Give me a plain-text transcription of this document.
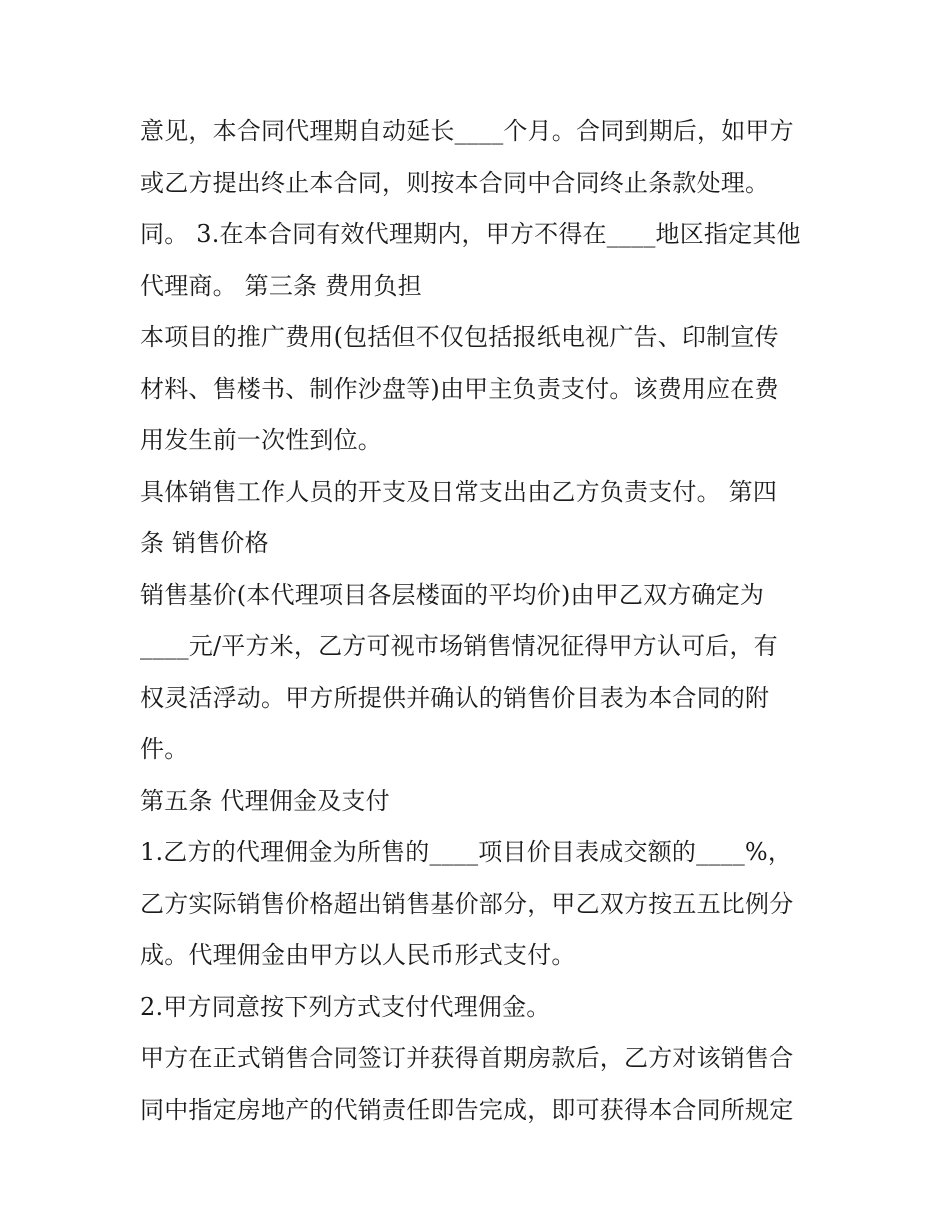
意见，本合同代理期自动延长____个月。合同到期后，如甲方
或乙方提出终止本合同，则按本合同中合同终止条款处理。
同。 3.在本合同有效代理期内，甲方不得在____地区指定其他
代理商。 第三条 费用负担
本项目的推广费用(包括但不仅包括报纸电视广告、印制宣传
材料、售楼书、制作沙盘等)由甲主负责支付。该费用应在费
用发生前一次性到位。
具体销售工作人员的开支及日常支出由乙方负责支付。 第四
条 销售价格
销售基价(本代理项目各层楼面的平均价)由甲乙双方确定为
____元/平方米，乙方可视市场销售情况征得甲方认可后，有
权灵活浮动。甲方所提供并确认的销售价目表为本合同的附
件。
第五条 代理佣金及支付
1.乙方的代理佣金为所售的____项目价目表成交额的____%，
乙方实际销售价格超出销售基价部分，甲乙双方按五五比例分
成。代理佣金由甲方以人民币形式支付。
2.甲方同意按下列方式支付代理佣金。
甲方在正式销售合同签订并获得首期房款后，乙方对该销售合
同中指定房地产的代销责任即告完成，即可获得本合同所规定
